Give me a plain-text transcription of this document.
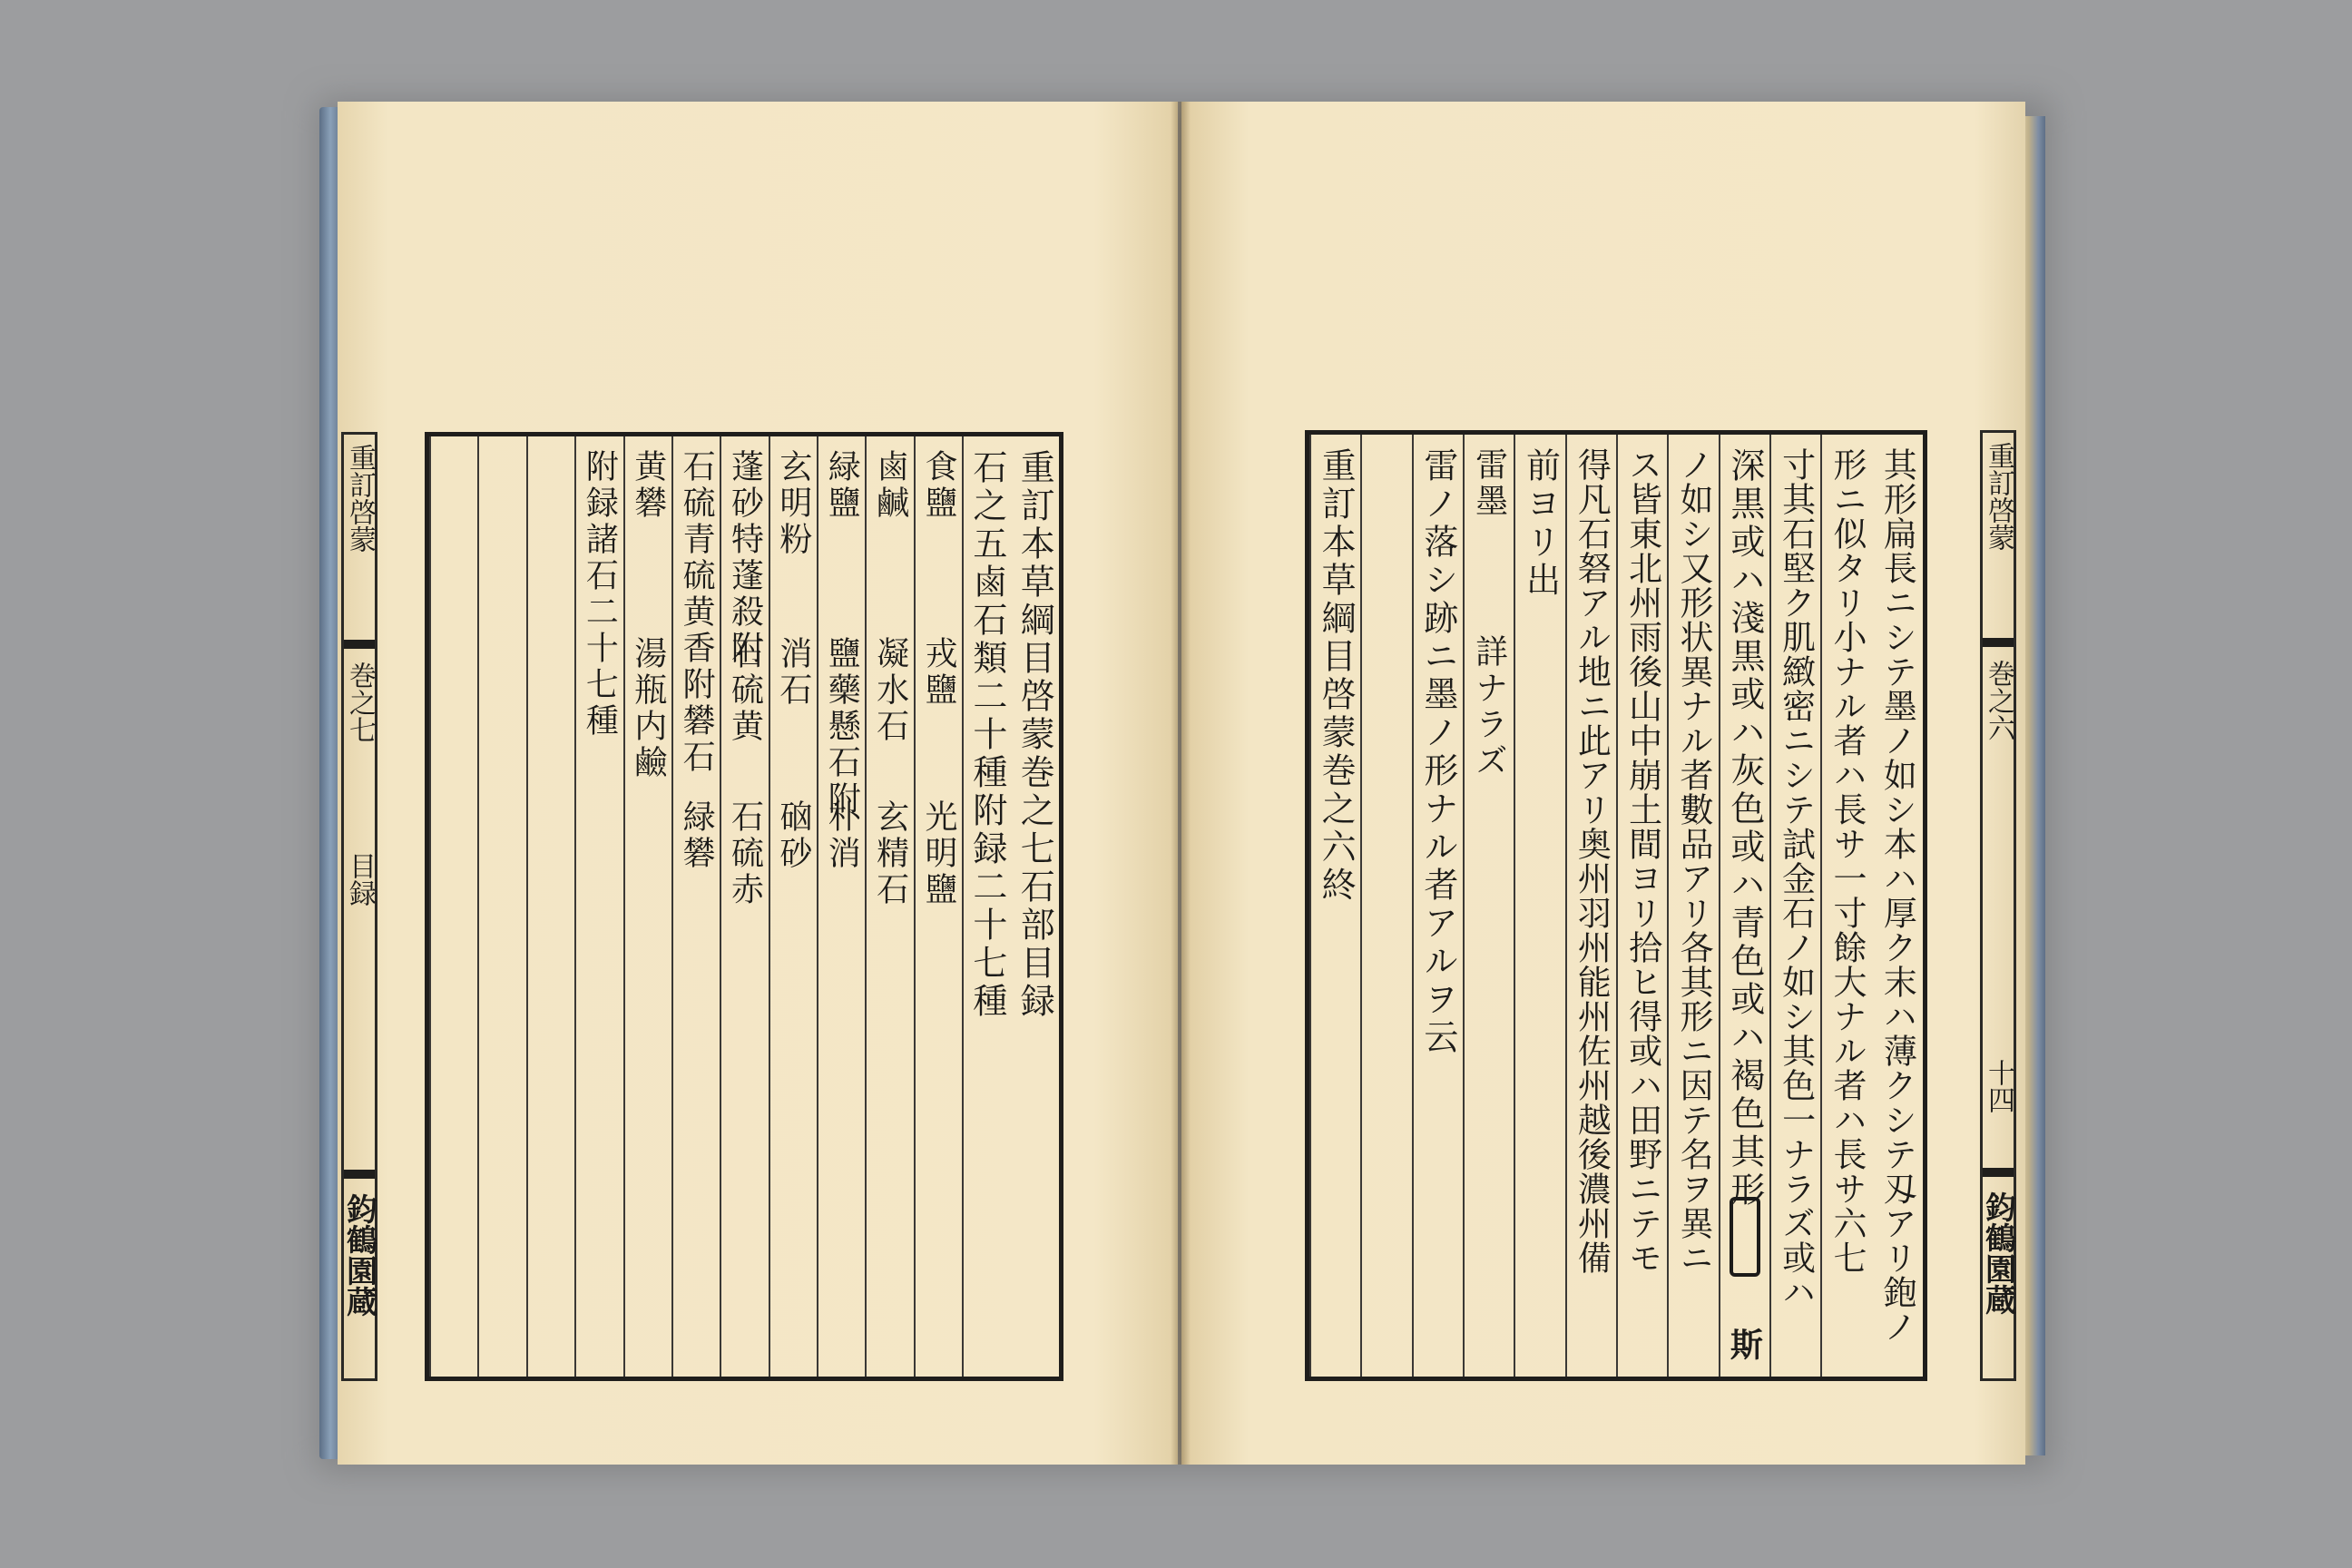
重訂啓蒙
巻之七
目録
鈞鶴園蔵
重訂本草綱目啓蒙巻之七石部目録
石之五鹵石類二十種附録二十七種
食鹽
戎鹽
光明鹽
鹵鹹
凝水石
玄精石
緑鹽
鹽藥懸石附
朴消
玄明粉
消石
硇砂
蓬砂特蓬殺附
石硫黄
石硫赤
石硫青硫黄香附礬石
緑礬
黄礬
湯瓶内鹼
附録諸石二十七種	重訂啓蒙
巻之六
十四
鈞鶴園蔵
其形扁長ニシテ墨ノ如シ本ハ厚ク末ハ薄クシテ刄アリ鉋ノ
形ニ似タリ小ナル者ハ長サ一寸餘大ナル者ハ長サ六七
寸其石堅ク肌緻密ニシテ試金石ノ如シ其色一ナラズ或ハ
深黒或ハ淺黒或ハ灰色或ハ青色或ハ褐色其形
斯
ノ如シ又形状異ナル者數品アリ各其形ニ因テ名ヲ異ニ
ス皆東北州雨後山中崩土間ヨリ拾ヒ得或ハ田野ニテモ
得凡石砮アル地ニ此アリ奥州羽州能州佐州越後濃州備
前ヨリ出
雷墨
詳ナラズ
雷ノ落シ跡ニ墨ノ形ナル者アルヲ云
重訂本草綱目啓蒙巻之六終
